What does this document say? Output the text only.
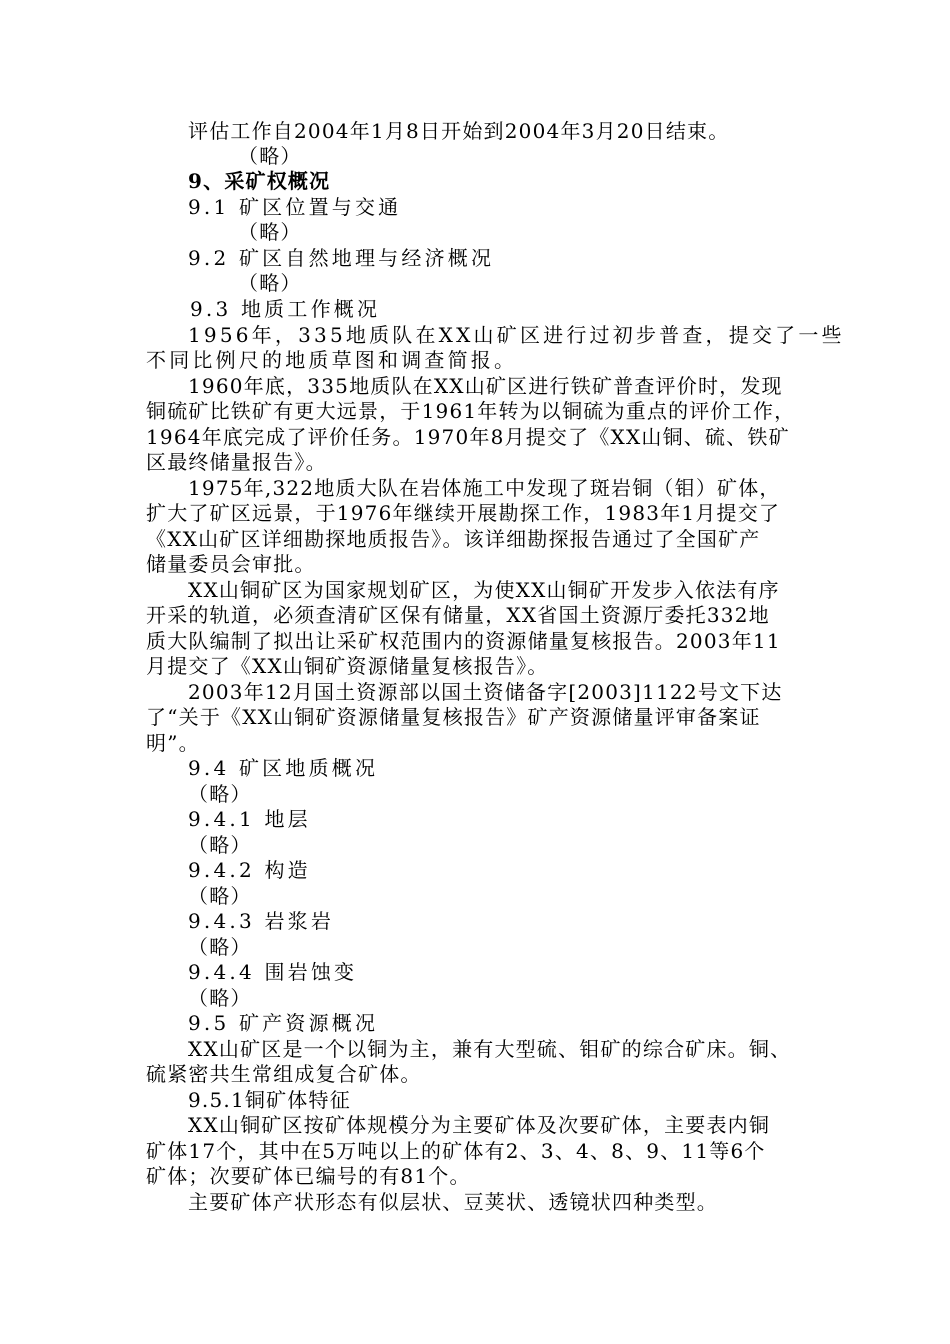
评估工作自2004年1月8日开始到2004年3月20日结束。
（略）
9、采矿权概况
9.1 矿区位置与交通
（略）
9.2 矿区自然地理与经济概况
（略）
9.3 地质工作概况
1956年，335地质队在XX山矿区进行过初步普查，提交了一些
不同比例尺的地质草图和调查简报。
1960年底，335地质队在XX山矿区进行铁矿普查评价时，发现
铜硫矿比铁矿有更大远景，于1961年转为以铜硫为重点的评价工作，
1964年底完成了评价任务。1970年8月提交了《XX山铜、硫、铁矿
区最终储量报告》。
1975年,322地质大队在岩体施工中发现了斑岩铜（钼）矿体，
扩大了矿区远景，于1976年继续开展勘探工作，1983年1月提交了
《XX山矿区详细勘探地质报告》。该详细勘探报告通过了全国矿产
储量委员会审批。
XX山铜矿区为国家规划矿区，为使XX山铜矿开发步入依法有序
开采的轨道，必须查清矿区保有储量，XX省国土资源厅委托332地
质大队编制了拟出让采矿权范围内的资源储量复核报告。2003年11
月提交了《XX山铜矿资源储量复核报告》。
2003年12月国土资源部以国土资储备字[2003]1122号文下达
了“关于《XX山铜矿资源储量复核报告》矿产资源储量评审备案证
明”。
9.4 矿区地质概况
（略）
9.4.1 地层
（略）
9.4.2 构造
（略）
9.4.3 岩浆岩
（略）
9.4.4 围岩蚀变
（略）
9.5 矿产资源概况
XX山矿区是一个以铜为主，兼有大型硫、钼矿的综合矿床。铜、
硫紧密共生常组成复合矿体。
9.5.1铜矿体特征
XX山铜矿区按矿体规模分为主要矿体及次要矿体，主要表内铜
矿体17个，其中在5万吨以上的矿体有2、3、4、8、9、11等6个
矿体；次要矿体已编号的有81个。
主要矿体产状形态有似层状、豆荚状、透镜状四种类型。
